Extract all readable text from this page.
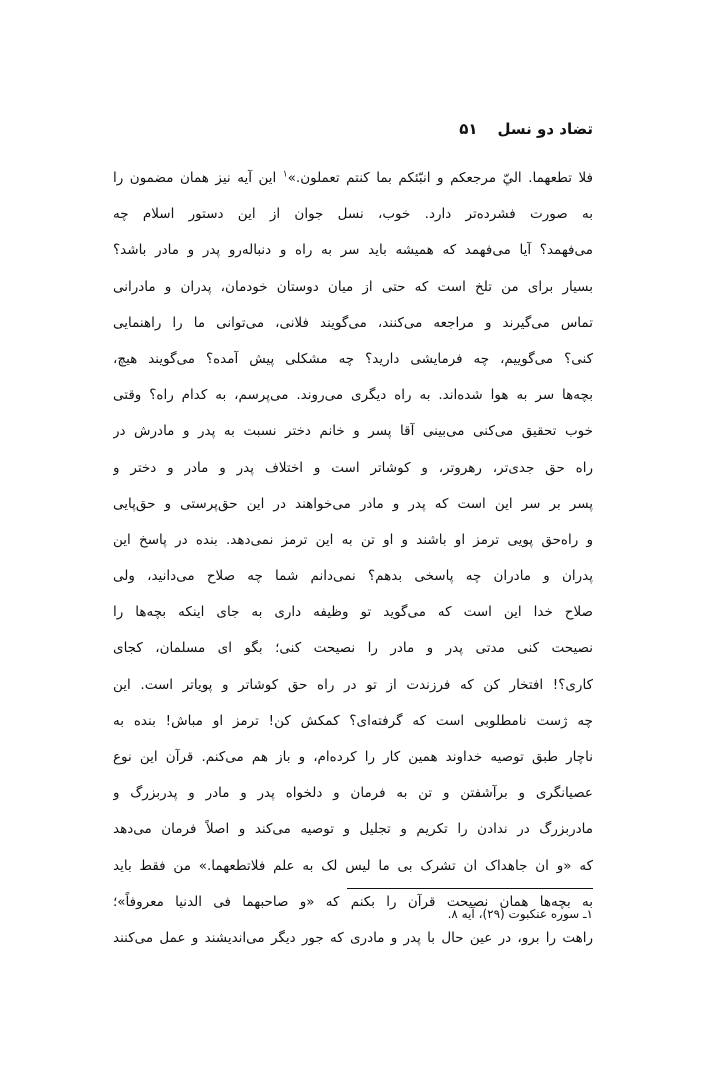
تضاد دو نسل
۵۱
فلا تطعهما. اليّ مرجعكم و انبّئكم بما كنتم تعملون.»$^۱$ این آیه نیز همان مضمون را
به صورت فشرده‌تر دارد. خوب، نسل جوان از این دستور اسلام چه
می‌فهمد؟ آیا می‌فهمد که همیشه باید سر به راه و دنباله‌رو پدر و مادر باشد؟
بسیار برای من تلخ است که حتی از میان دوستان خودمان، پدران و مادرانی
تماس می‌گیرند و مراجعه می‌کنند، می‌گویند فلانی، می‌توانی ما را راهنمایی
کنی؟ می‌گوییم، چه فرمایشی دارید؟ چه مشکلی پیش آمده؟ می‌گویند هیچ،
بچه‌ها سر به هوا شده‌اند. به راه دیگری می‌روند. می‌پرسم، به کدام راه؟ وقتی
خوب تحقیق می‌کنی می‌بینی آقا پسر و خانم دختر نسبت به پدر و مادرش در
راه حق جدی‌تر، رهروتر، و کوشاتر است و اختلاف پدر و مادر و دختر و
پسر بر سر این است که پدر و مادر می‌خواهند در این حق‌پرستی و حق‌پایی
و راه‌حق پویی ترمز او باشند و او تن به این ترمز نمی‌دهد. بنده در پاسخ این
پدران و مادران چه پاسخی بدهم؟ نمی‌دانم شما چه صلاح می‌دانید، ولی
صلاح خدا این است که می‌گوید تو وظیفه داری به جای اینکه بچه‌ها را
نصیحت کنی مدتی پدر و مادر را نصیحت کنی؛ بگو ای مسلمان، کجای
کاری؟! افتخار کن که فرزندت از تو در راه حق کوشاتر و پویاتر است. این
چه ژست نامطلوبی است که گرفته‌ای؟ کمکش کن! ترمز او مباش! بنده به
ناچار طبق توصیه خداوند همین کار را کرده‌ام، و باز هم می‌کنم. قرآن این نوع
عصیانگری و برآشفتن و تن به فرمان و دلخواه پدر و مادر و پدربزرگ و
مادربزرگ در ندادن را تکریم و تجلیل و توصیه می‌کند و اصلاً فرمان می‌دهد
که «و ان جاهداک ان تشرک بی ما لیس لک به علم فلاتطعهما.» من فقط باید
به بچه‌ها همان نصیحت قرآن را بکنم که «و صاحبهما فی الدنیا معروفاً»؛
راهت را برو، در عین حال با پدر و مادری که جور دیگر می‌اندیشند و عمل می‌کنند
۱ـ سوره عنکبوت (۲۹)، آیه ۸.
